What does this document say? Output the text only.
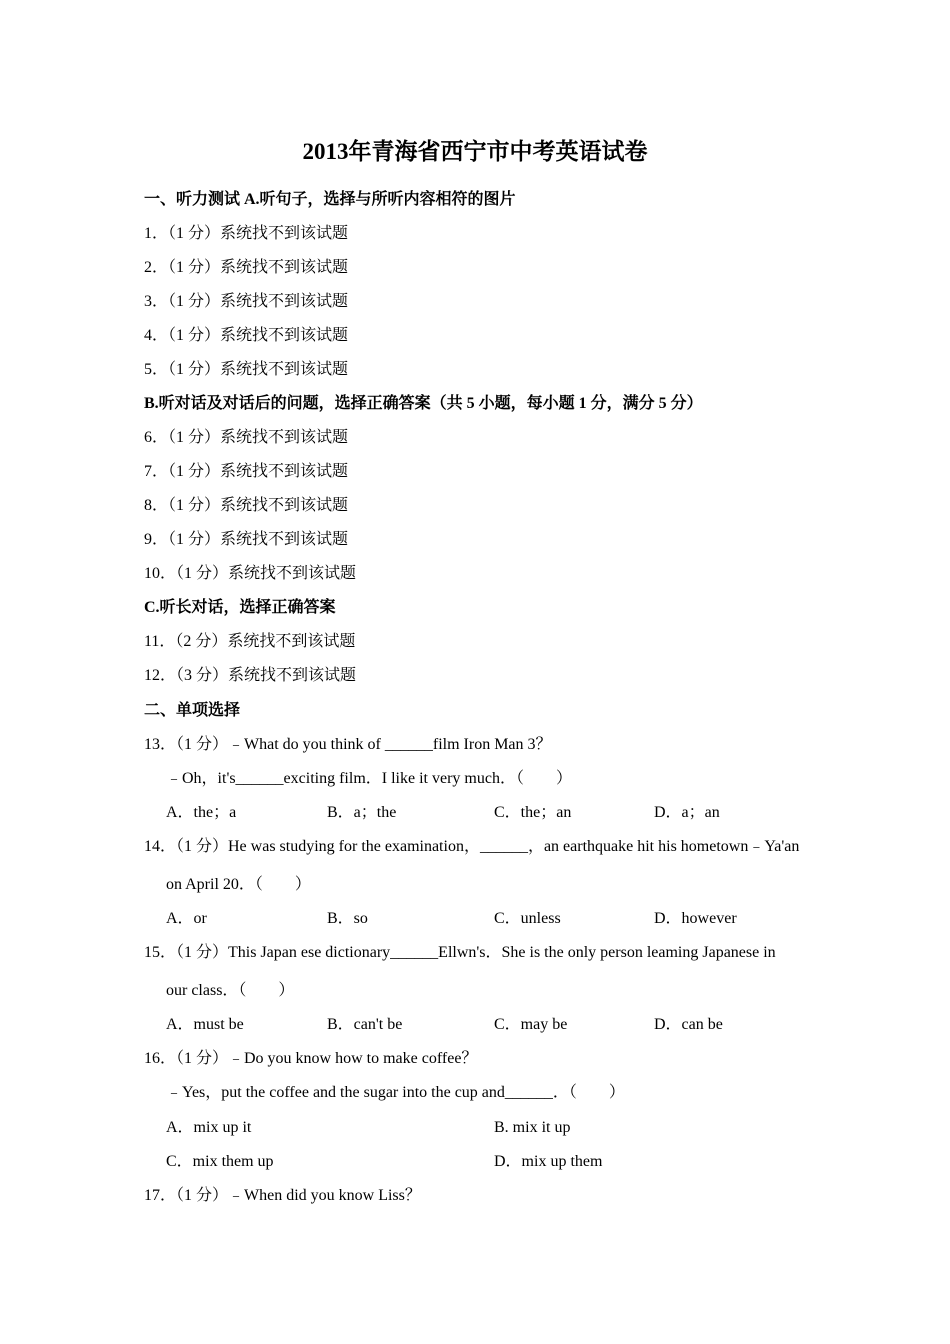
2013年青海省西宁市中考英语试卷
一、听力测试 A.听句子，选择与所听内容相符的图片
1．（1 分）系统找不到该试题
2．（1 分）系统找不到该试题
3．（1 分）系统找不到该试题
4．（1 分）系统找不到该试题
5．（1 分）系统找不到该试题
B.听对话及对话后的问题，选择正确答案（共 5 小题，每小题 1 分，满分 5 分）
6．（1 分）系统找不到该试题
7．（1 分）系统找不到该试题
8．（1 分）系统找不到该试题
9．（1 分）系统找不到该试题
10．（1 分）系统找不到该试题
C.听长对话，选择正确答案
11．（2 分）系统找不到该试题
12．（3 分）系统找不到该试题
二、单项选择
13．（1 分）﹣What do you think of ______film Iron Man 3？
﹣Oh，it's______exciting film．I like it very much．（　　）
A．the；a	B．a；the	C．the；an	D．a；an
14．（1 分）He was studying for the examination，______，an earthquake hit his hometown﹣Ya'an
on April 20．（　　）
A．or	B．so	C．unless	D．however
15．（1 分）This Japan ese dictionary______Ellwn's．She is the only person leaming Japanese in
our class．（　　）
A．must be	B．can't be	C．may be	D．can be
16．（1 分）﹣Do you know how to make coffee？
﹣Yes，put the coffee and the sugar into the cup and______．（　　）
A．mix up it	B. mix it up
C．mix them up	D．mix up them
17．（1 分）﹣When did you know Liss？
